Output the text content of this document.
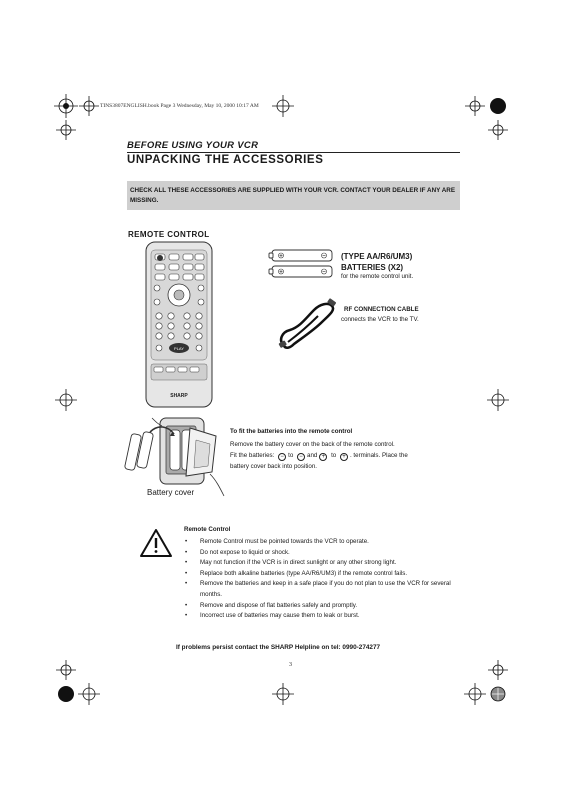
TINS3807ENGLISH.book Page 3 Wednesday, May 10, 2000 10:17 AM
BEFORE USING YOUR VCR
UNPACKING THE ACCESSORIES
CHECK ALL THESE ACCESSORIES ARE SUPPLIED WITH YOUR VCR. CONTACT YOUR DEALER IF ANY ARE MISSING.
REMOTE CONTROL
PLAY
SHARP
(TYPE AA/R6/UM3)
BATTERIES (X2)
for the remote control unit.
RF CONNECTION CABLE
connects the VCR to the TV.
To fit the batteries into the remote control
Remove the battery cover on the back of the remote control.
Fit the batteries: − to − and + to + . terminals. Place the
battery cover back into position.
Battery cover
Remote Control
• Remote Control must be pointed towards the VCR to operate.
• Do not expose to liquid or shock.
• May not function if the VCR is in direct sunlight or any other strong light.
• Replace both alkaline batteries (type AA/R6/UM3) if the remote control fails.
• Remove the batteries and keep in a safe place if you do not plan to use the VCR for several months.
• Remove and dispose of flat batteries safely and promptly.
• Incorrect use of batteries may cause them to leak or burst.
If problems persist contact the SHARP Helpline on tel: 0990-274277
3
